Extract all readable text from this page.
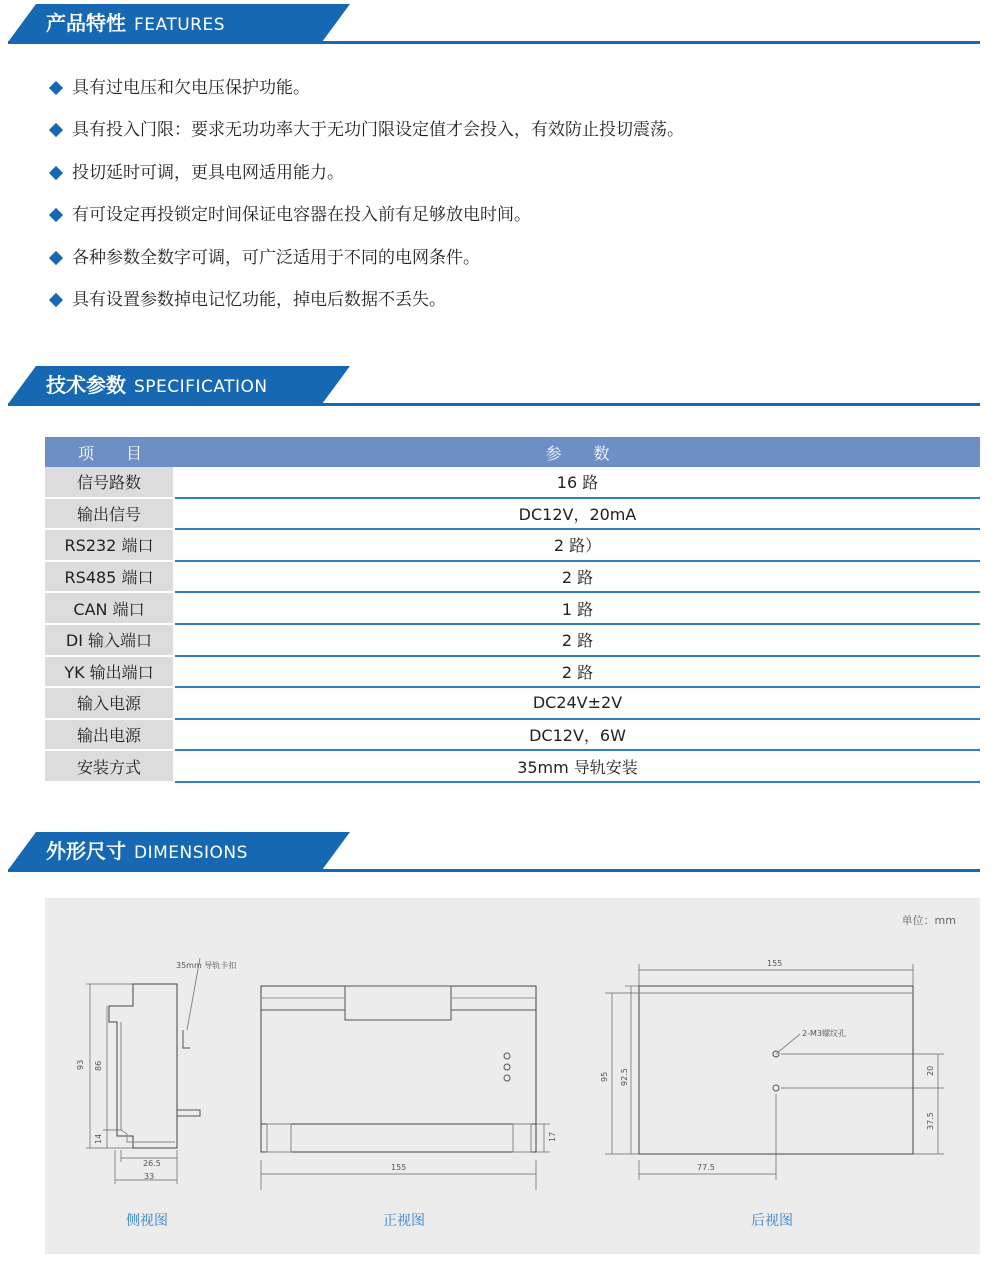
产品特性 FEATURES
具有过电压和欠电压保护功能。
具有投入门限：要求无功功率大于无功门限设定值才会投入，有效防止投切震荡。
投切延时可调，更具电网适用能力。
有可设定再投锁定时间保证电容器在投入前有足够放电时间。
各种参数全数字可调，可广泛适用于不同的电网条件。
具有设置参数掉电记忆功能，掉电后数据不丢失。
技术参数 SPECIFICATION
项　　目	参　　数
信号路数	16 路
输出信号	DC12V，20mA
RS232 端口	2 路）
RS485 端口	2 路
CAN 端口	1 路
DI 输入端口	2 路
YK 输出端口	2 路
输入电源	DC24V±2V
输出电源	DC12V，6W
安装方式	35mm 导轨安装
外形尺寸 DIMENSIONS
单位：mm
35mm 导轨卡扣
93 86
14
26.5
33
155
17
155
95 92.5
2-M3螺纹孔
20
37.5
77.5
侧视图	正视图	后视图
